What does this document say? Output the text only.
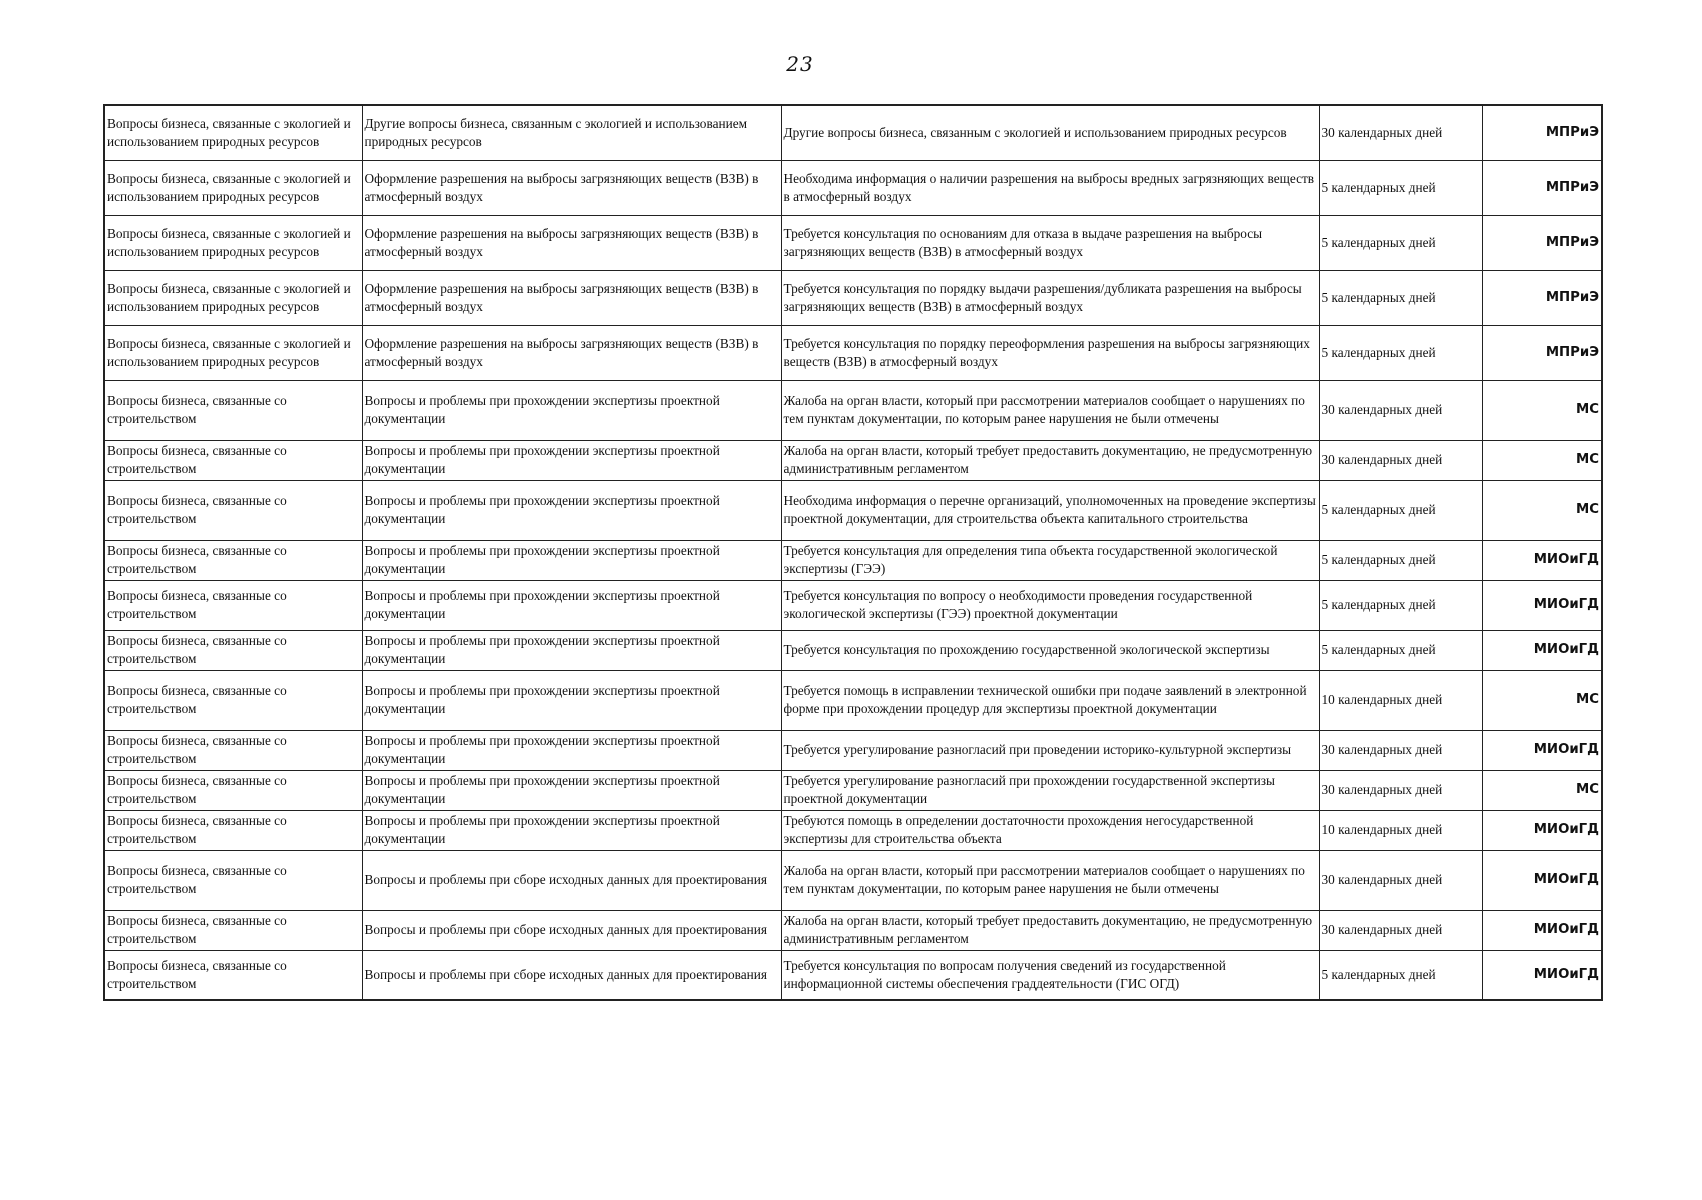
23
Вопросы бизнеса, связанные с экологией и использованием природных ресурсов	Другие вопросы бизнеса, связанным с экологией и использованием природных ресурсов	Другие вопросы бизнеса, связанным с экологией и использованием природных ресурсов	30 календарных дней	МПРиЭ
Вопросы бизнеса, связанные с экологией и использованием природных ресурсов	Оформление разрешения на выбросы загрязняющих веществ (ВЗВ) в атмосферный воздух	Необходима информация о наличии разрешения на выбросы вредных загрязняющих веществ в атмосферный воздух	5 календарных дней	МПРиЭ
Вопросы бизнеса, связанные с экологией и использованием природных ресурсов	Оформление разрешения на выбросы загрязняющих веществ (ВЗВ) в атмосферный воздух	Требуется консультация по основаниям для отказа в выдаче разрешения на выбросы загрязняющих веществ (ВЗВ) в атмосферный воздух	5 календарных дней	МПРиЭ
Вопросы бизнеса, связанные с экологией и использованием природных ресурсов	Оформление разрешения на выбросы загрязняющих веществ (ВЗВ) в атмосферный воздух	Требуется консультация по порядку выдачи разрешения/дубликата разрешения на выбросы загрязняющих веществ (ВЗВ) в атмосферный воздух	5 календарных дней	МПРиЭ
Вопросы бизнеса, связанные с экологией и использованием природных ресурсов	Оформление разрешения на выбросы загрязняющих веществ (ВЗВ) в атмосферный воздух	Требуется консультация по порядку переоформления разрешения на выбросы загрязняющих веществ (ВЗВ) в атмосферный воздух	5 календарных дней	МПРиЭ
Вопросы бизнеса, связанные со строительством	Вопросы и проблемы при прохождении экспертизы проектной документации	Жалоба на орган власти, который при рассмотрении материалов сообщает о нарушениях по тем пунктам документации, по которым ранее нарушения не были отмечены	30 календарных дней	МС
Вопросы бизнеса, связанные со строительством	Вопросы и проблемы при прохождении экспертизы проектной документации	Жалоба на орган власти, который требует предоставить документацию, не предусмотренную административным регламентом	30 календарных дней	МС
Вопросы бизнеса, связанные со строительством	Вопросы и проблемы при прохождении экспертизы проектной документации	Необходима информация о перечне организаций, уполномоченных на проведение экспертизы проектной документации, для строительства объекта капитального строительства	5 календарных дней	МС
Вопросы бизнеса, связанные со строительством	Вопросы и проблемы при прохождении экспертизы проектной документации	Требуется консультация для определения типа объекта государственной экологической экспертизы (ГЭЭ)	5 календарных дней	МИОиГД
Вопросы бизнеса, связанные со строительством	Вопросы и проблемы при прохождении экспертизы проектной документации	Требуется консультация по вопросу о необходимости проведения государственной экологической экспертизы (ГЭЭ) проектной документации	5 календарных дней	МИОиГД
Вопросы бизнеса, связанные со строительством	Вопросы и проблемы при прохождении экспертизы проектной документации	Требуется консультация по прохождению государственной экологической экспертизы	5 календарных дней	МИОиГД
Вопросы бизнеса, связанные со строительством	Вопросы и проблемы при прохождении экспертизы проектной документации	Требуется помощь в исправлении технической ошибки при подаче заявлений в электронной форме при прохождении процедур для экспертизы проектной документации	10 календарных дней	МС
Вопросы бизнеса, связанные со строительством	Вопросы и проблемы при прохождении экспертизы проектной документации	Требуется урегулирование разногласий при проведении историко-культурной экспертизы	30 календарных дней	МИОиГД
Вопросы бизнеса, связанные со строительством	Вопросы и проблемы при прохождении экспертизы проектной документации	Требуется урегулирование разногласий при прохождении государственной экспертизы проектной документации	30 календарных дней	МС
Вопросы бизнеса, связанные со строительством	Вопросы и проблемы при прохождении экспертизы проектной документации	Требуются помощь в определении достаточности прохождения негосударственной экспертизы для строительства объекта	10 календарных дней	МИОиГД
Вопросы бизнеса, связанные со строительством	Вопросы и проблемы при сборе исходных данных для проектирования	Жалоба на орган власти, который при рассмотрении материалов сообщает о нарушениях по тем пунктам документации, по которым ранее нарушения не были отмечены	30 календарных дней	МИОиГД
Вопросы бизнеса, связанные со строительством	Вопросы и проблемы при сборе исходных данных для проектирования	Жалоба на орган власти, который требует предоставить документацию, не предусмотренную административным регламентом	30 календарных дней	МИОиГД
Вопросы бизнеса, связанные со строительством	Вопросы и проблемы при сборе исходных данных для проектирования	Требуется консультация по вопросам получения сведений из государственной информационной системы обеспечения граддеятельности (ГИС ОГД)	5 календарных дней	МИОиГД
